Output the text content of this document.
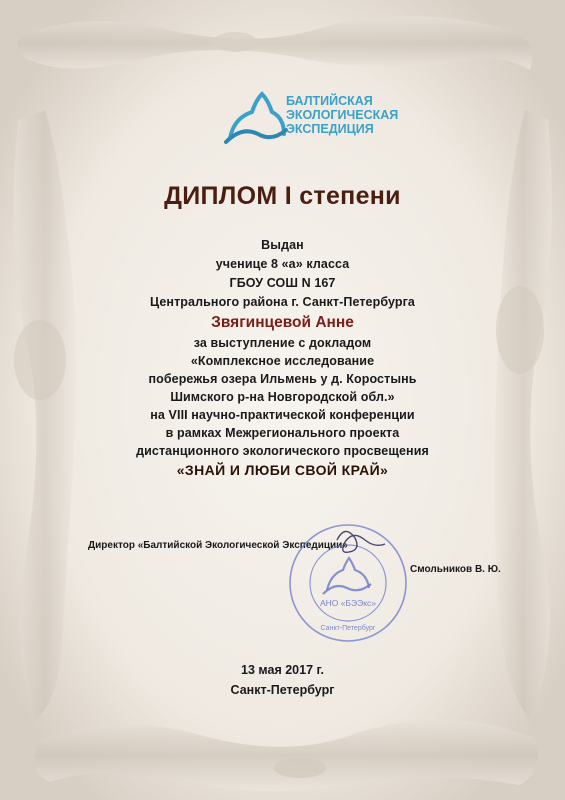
БАЛТИЙСКАЯ
ЭКОЛОГИЧЕСКАЯ
ЭКСПЕДИЦИЯ
ДИПЛОМ I степени
Выдан
ученице 8 «а» класса
ГБОУ СОШ N 167
Центрального района г. Санкт-Петербурга
Звягинцевой Анне
за выступление с докладом
«Комплексное исследование
побережья озера Ильмень у д. Коростынь
Шимского р-на Новгородской обл.»
на VIII научно-практической конференции
в рамках Межрегионального проекта
дистанционного экологического просвещения
«ЗНАЙ И ЛЮБИ СВОЙ КРАЙ»
Директор «Балтийской Экологической Экспедиции»
Смольников В. Ю.
АНО «БЭЭкс»
Санкт-Петербург
13 мая 2017 г.
Санкт-Петербург
